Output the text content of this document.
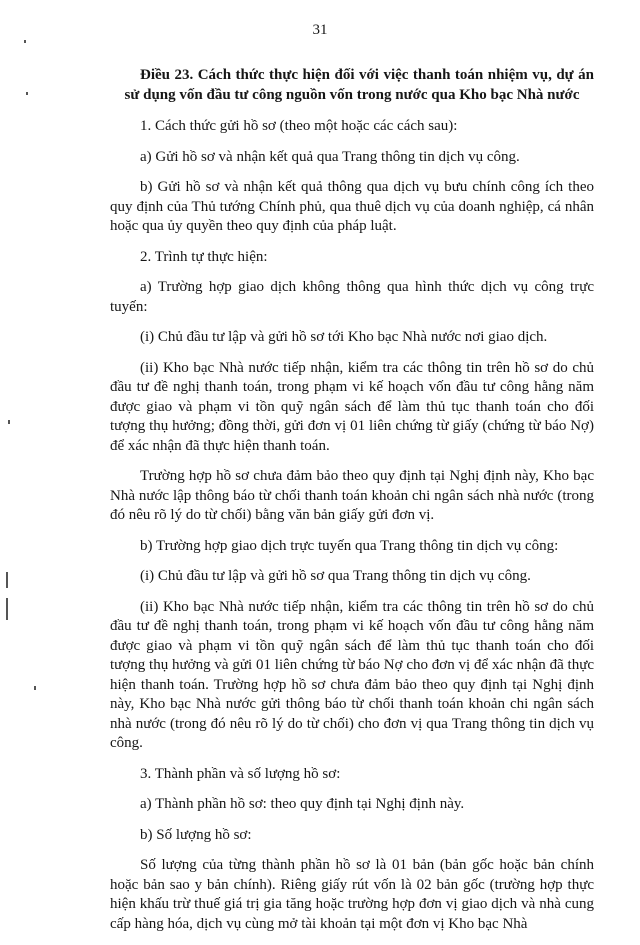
31

Điều 23. Cách thức thực hiện đối với việc thanh toán nhiệm vụ, dự án sử dụng vốn đầu tư công nguồn vốn trong nước qua Kho bạc Nhà nước

1. Cách thức gửi hồ sơ (theo một hoặc các cách sau):

a) Gửi hồ sơ và nhận kết quả qua Trang thông tin dịch vụ công.

b) Gửi hồ sơ và nhận kết quả thông qua dịch vụ bưu chính công ích theo quy định của Thủ tướng Chính phủ, qua thuê dịch vụ của doanh nghiệp, cá nhân hoặc qua ủy quyền theo quy định của pháp luật.

2. Trình tự thực hiện:

a) Trường hợp giao dịch không thông qua hình thức dịch vụ công trực tuyến:

(i) Chủ đầu tư lập và gửi hồ sơ tới Kho bạc Nhà nước nơi giao dịch.

(ii) Kho bạc Nhà nước tiếp nhận, kiểm tra các thông tin trên hồ sơ do chủ đầu tư đề nghị thanh toán, trong phạm vi kế hoạch vốn đầu tư công hằng năm được giao và phạm vi tồn quỹ ngân sách để làm thủ tục thanh toán cho đối tượng thụ hưởng; đồng thời, gửi đơn vị 01 liên chứng từ giấy (chứng từ báo Nợ) để xác nhận đã thực hiện thanh toán.

Trường hợp hồ sơ chưa đảm bảo theo quy định tại Nghị định này, Kho bạc Nhà nước lập thông báo từ chối thanh toán khoản chi ngân sách nhà nước (trong đó nêu rõ lý do từ chối) bằng văn bản giấy gửi đơn vị.

b) Trường hợp giao dịch trực tuyến qua Trang thông tin dịch vụ công:

(i) Chủ đầu tư lập và gửi hồ sơ qua Trang thông tin dịch vụ công.

(ii) Kho bạc Nhà nước tiếp nhận, kiểm tra các thông tin trên hồ sơ do chủ đầu tư đề nghị thanh toán, trong phạm vi kế hoạch vốn đầu tư công hằng năm được giao và phạm vi tồn quỹ ngân sách để làm thủ tục thanh toán cho đối tượng thụ hưởng và gửi 01 liên chứng từ báo Nợ cho đơn vị để xác nhận đã thực hiện thanh toán. Trường hợp hồ sơ chưa đảm bảo theo quy định tại Nghị định này, Kho bạc Nhà nước gửi thông báo từ chối thanh toán khoản chi ngân sách nhà nước (trong đó nêu rõ lý do từ chối) cho đơn vị qua Trang thông tin dịch vụ công.

3. Thành phần và số lượng hồ sơ:

a) Thành phần hồ sơ: theo quy định tại Nghị định này.

b) Số lượng hồ sơ:

Số lượng của từng thành phần hồ sơ là 01 bản (bản gốc hoặc bản chính hoặc bản sao y bản chính). Riêng giấy rút vốn là 02 bản gốc (trường hợp thực hiện khấu trừ thuế giá trị gia tăng hoặc trường hợp đơn vị giao dịch và nhà cung cấp hàng hóa, dịch vụ cùng mở tài khoản tại một đơn vị Kho bạc Nhà
